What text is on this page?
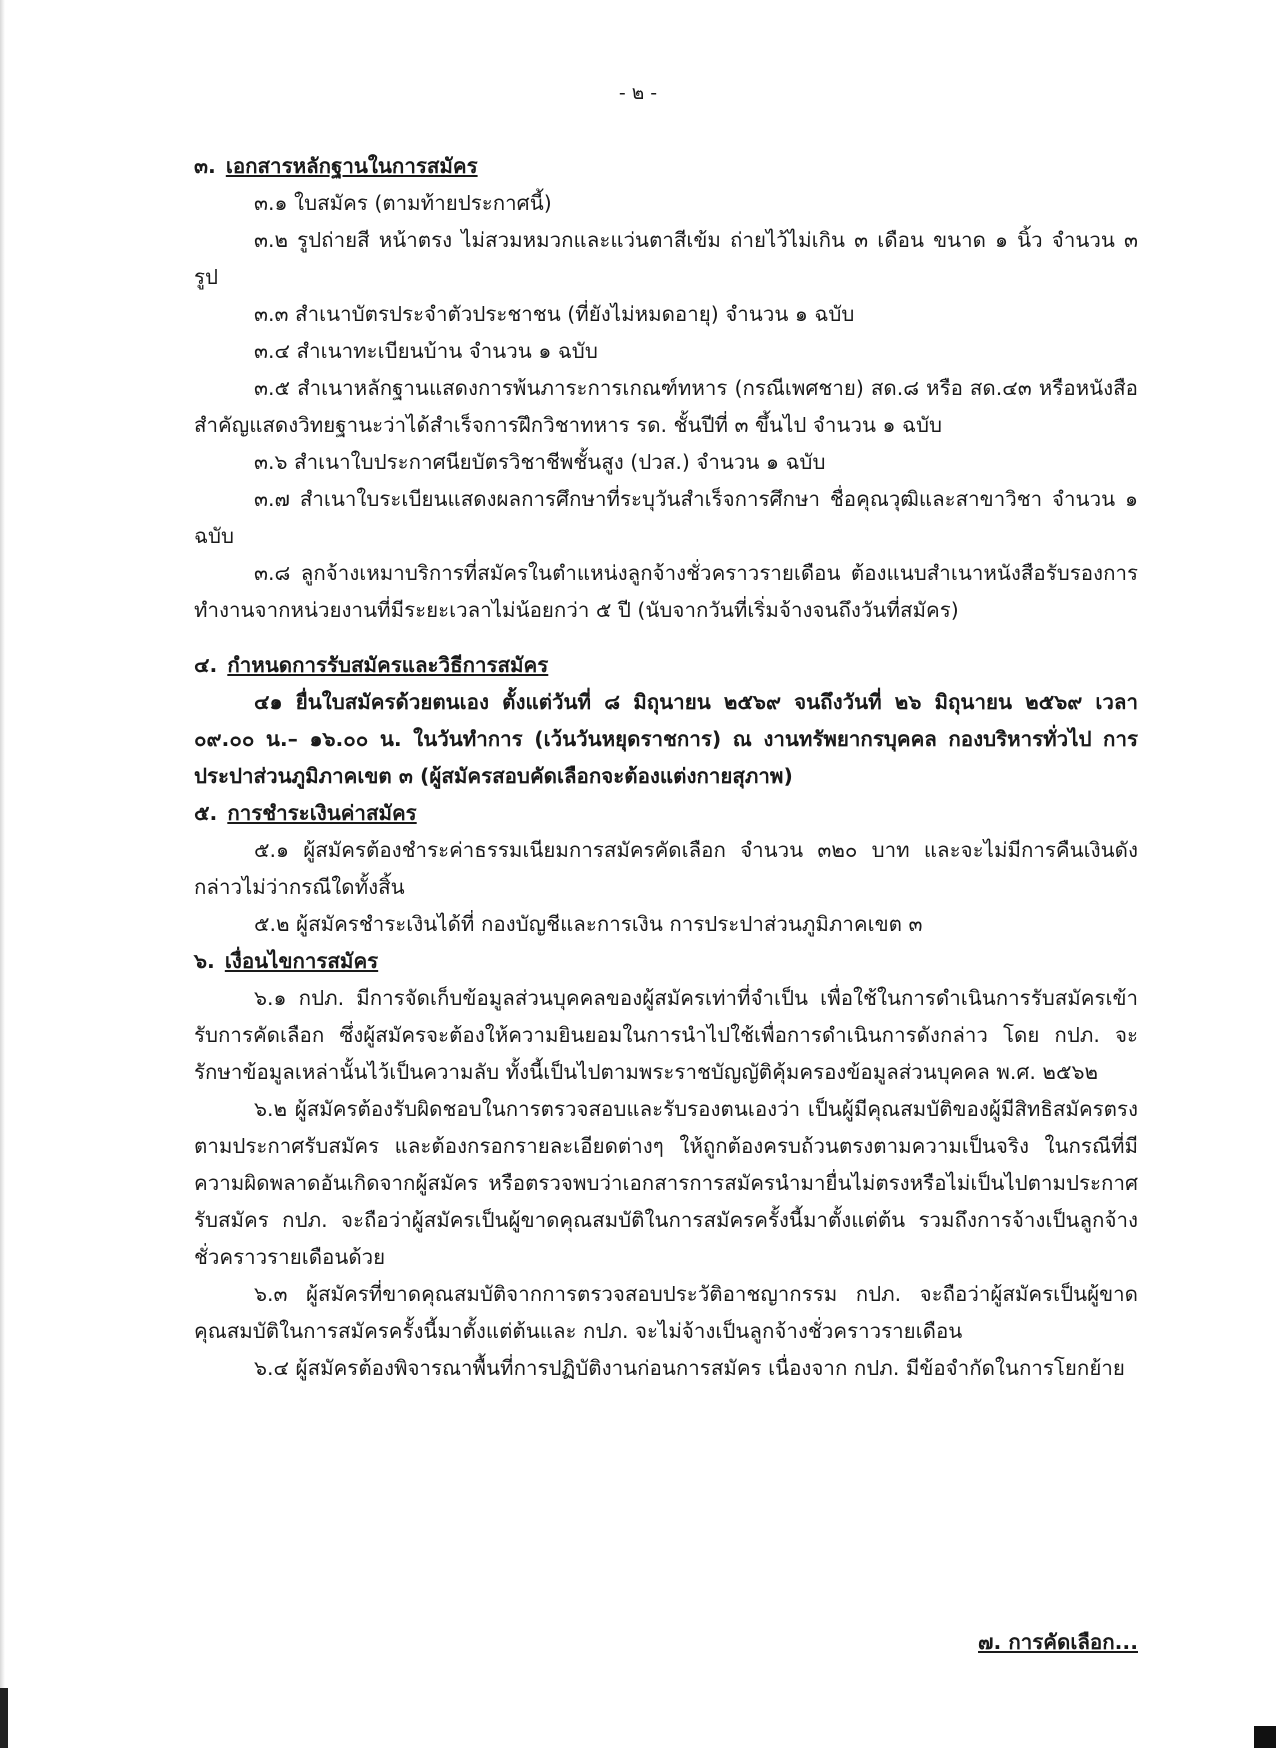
- ๒ -

๓. เอกสารหลักฐานในการสมัคร

๓.๑ ใบสมัคร (ตามท้ายประกาศนี้)

๓.๒ รูปถ่ายสี หน้าตรง ไม่สวมหมวกและแว่นตาสีเข้ม ถ่ายไว้ไม่เกิน ๓ เดือน ขนาด ๑ นิ้ว จำนวน ๓ รูป

๓.๓ สำเนาบัตรประจำตัวประชาชน (ที่ยังไม่หมดอายุ) จำนวน ๑ ฉบับ

๓.๔ สำเนาทะเบียนบ้าน จำนวน ๑ ฉบับ

๓.๕ สำเนาหลักฐานแสดงการพ้นภาระการเกณฑ์ทหาร (กรณีเพศชาย) สด.๘ หรือ สด.๔๓ หรือหนังสือสำคัญแสดงวิทยฐานะว่าได้สำเร็จการฝึกวิชาทหาร รด. ชั้นปีที่ ๓ ขึ้นไป จำนวน ๑ ฉบับ

๓.๖ สำเนาใบประกาศนียบัตรวิชาชีพชั้นสูง (ปวส.) จำนวน ๑ ฉบับ

๓.๗ สำเนาใบระเบียนแสดงผลการศึกษาที่ระบุวันสำเร็จการศึกษา ชื่อคุณวุฒิและสาขาวิชา จำนวน ๑ ฉบับ

๓.๘ ลูกจ้างเหมาบริการที่สมัครในตำแหน่งลูกจ้างชั่วคราวรายเดือน ต้องแนบสำเนาหนังสือรับรองการทำงานจากหน่วยงานที่มีระยะเวลาไม่น้อยกว่า ๕ ปี (นับจากวันที่เริ่มจ้างจนถึงวันที่สมัคร)

๔. กำหนดการรับสมัครและวิธีการสมัคร

๔๑ ยื่นใบสมัครด้วยตนเอง ตั้งแต่วันที่ ๘ มิถุนายน ๒๕๖๙ จนถึงวันที่ ๒๖ มิถุนายน ๒๕๖๙ เวลา ๐๙.๐๐ น.– ๑๖.๐๐ น. ในวันทำการ (เว้นวันหยุดราชการ) ณ งานทรัพยากรบุคคล กองบริหารทั่วไป การประปาส่วนภูมิภาคเขต ๓ (ผู้สมัครสอบคัดเลือกจะต้องแต่งกายสุภาพ)

๕. การชำระเงินค่าสมัคร

๕.๑ ผู้สมัครต้องชำระค่าธรรมเนียมการสมัครคัดเลือก จำนวน ๓๒๐ บาท และจะไม่มีการคืนเงินดังกล่าวไม่ว่ากรณีใดทั้งสิ้น

๕.๒ ผู้สมัครชำระเงินได้ที่ กองบัญชีและการเงิน การประปาส่วนภูมิภาคเขต ๓

๖. เงื่อนไขการสมัคร

๖.๑ กปภ. มีการจัดเก็บข้อมูลส่วนบุคคลของผู้สมัครเท่าที่จำเป็น เพื่อใช้ในการดำเนินการรับสมัครเข้ารับการคัดเลือก ซึ่งผู้สมัครจะต้องให้ความยินยอมในการนำไปใช้เพื่อการดำเนินการดังกล่าว โดย กปภ. จะรักษาข้อมูลเหล่านั้นไว้เป็นความลับ ทั้งนี้เป็นไปตามพระราชบัญญัติคุ้มครองข้อมูลส่วนบุคคล พ.ศ. ๒๕๖๒

๖.๒ ผู้สมัครต้องรับผิดชอบในการตรวจสอบและรับรองตนเองว่า เป็นผู้มีคุณสมบัติของผู้มีสิทธิสมัครตรงตามประกาศรับสมัคร และต้องกรอกรายละเอียดต่างๆ ให้ถูกต้องครบถ้วนตรงตามความเป็นจริง ในกรณีที่มีความผิดพลาดอันเกิดจากผู้สมัคร หรือตรวจพบว่าเอกสารการสมัครนำมายื่นไม่ตรงหรือไม่เป็นไปตามประกาศรับสมัคร กปภ. จะถือว่าผู้สมัครเป็นผู้ขาดคุณสมบัติในการสมัครครั้งนี้มาตั้งแต่ต้น รวมถึงการจ้างเป็นลูกจ้างชั่วคราวรายเดือนด้วย

๖.๓ ผู้สมัครที่ขาดคุณสมบัติจากการตรวจสอบประวัติอาชญากรรม กปภ. จะถือว่าผู้สมัครเป็นผู้ขาดคุณสมบัติในการสมัครครั้งนี้มาตั้งแต่ต้นและ กปภ. จะไม่จ้างเป็นลูกจ้างชั่วคราวรายเดือน

๖.๔ ผู้สมัครต้องพิจารณาพื้นที่การปฏิบัติงานก่อนการสมัคร เนื่องจาก กปภ. มีข้อจำกัดในการโยกย้าย

๗. การคัดเลือก...
